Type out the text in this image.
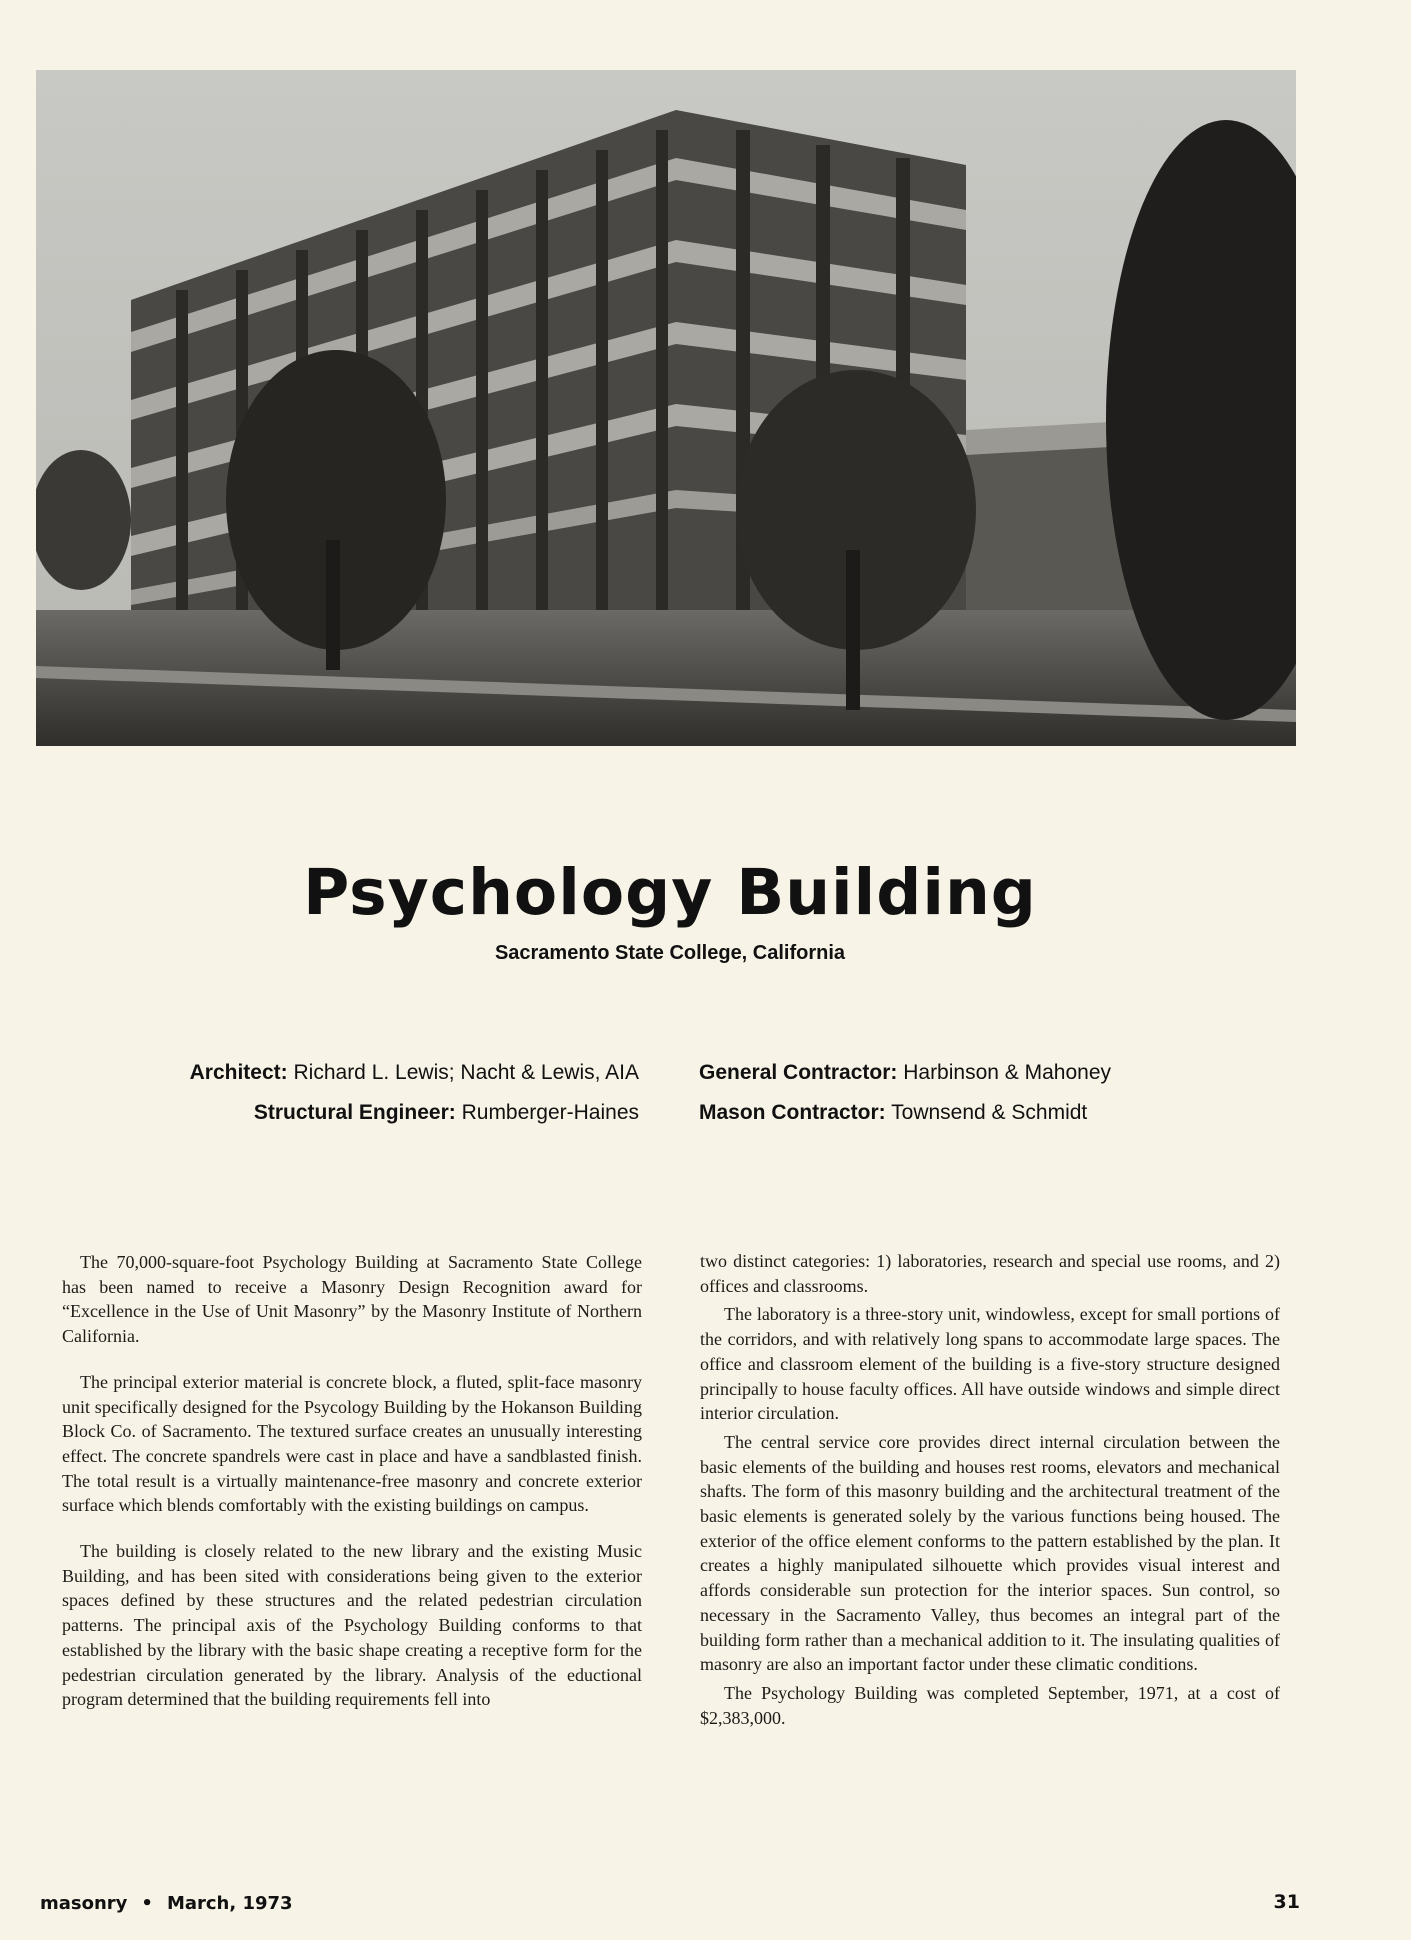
Psychology Building
Sacramento State College, California
Architect: Richard L. Lewis; Nacht & Lewis, AIA
Structural Engineer: Rumberger-Haines
General Contractor: Harbinson & Mahoney
Mason Contractor: Townsend & Schmidt

The 70,000-square-foot Psychology Building at Sacramento State College has been named to receive a Masonry Design Recognition award for “Excellence in the Use of Unit Masonry” by the Masonry Institute of Northern California.

The principal exterior material is concrete block, a fluted, split-face masonry unit specifically designed for the Psycology Building by the Hokanson Building Block Co. of Sacramento. The textured surface creates an unusually interesting effect. The concrete spandrels were cast in place and have a sandblasted finish. The total result is a virtually maintenance-free masonry and concrete exterior surface which blends comfortably with the existing buildings on campus.

The building is closely related to the new library and the existing Music Building, and has been sited with considerations being given to the exterior spaces defined by these structures and the related pedestrian circulation patterns. The principal axis of the Psychology Building conforms to that established by the library with the basic shape creating a receptive form for the pedestrian circulation generated by the library. Analysis of the eductional program determined that the building requirements fell into

two distinct categories: 1) laboratories, research and special use rooms, and 2) offices and classrooms.

The laboratory is a three-story unit, windowless, except for small portions of the corridors, and with relatively long spans to accommodate large spaces. The office and classroom element of the building is a five-story structure designed principally to house faculty offices. All have outside windows and simple direct interior circulation.

The central service core provides direct internal circulation between the basic elements of the building and houses rest rooms, elevators and mechanical shafts. The form of this masonry building and the architectural treatment of the basic elements is generated solely by the various functions being housed. The exterior of the office element conforms to the pattern established by the plan. It creates a highly manipulated silhouette which provides visual interest and affords considerable sun protection for the interior spaces. Sun control, so necessary in the Sacramento Valley, thus becomes an integral part of the building form rather than a mechanical addition to it. The insulating qualities of masonry are also an important factor under these climatic conditions.

The Psychology Building was completed September, 1971, at a cost of $2,383,000.

masonry • March, 1973	31
